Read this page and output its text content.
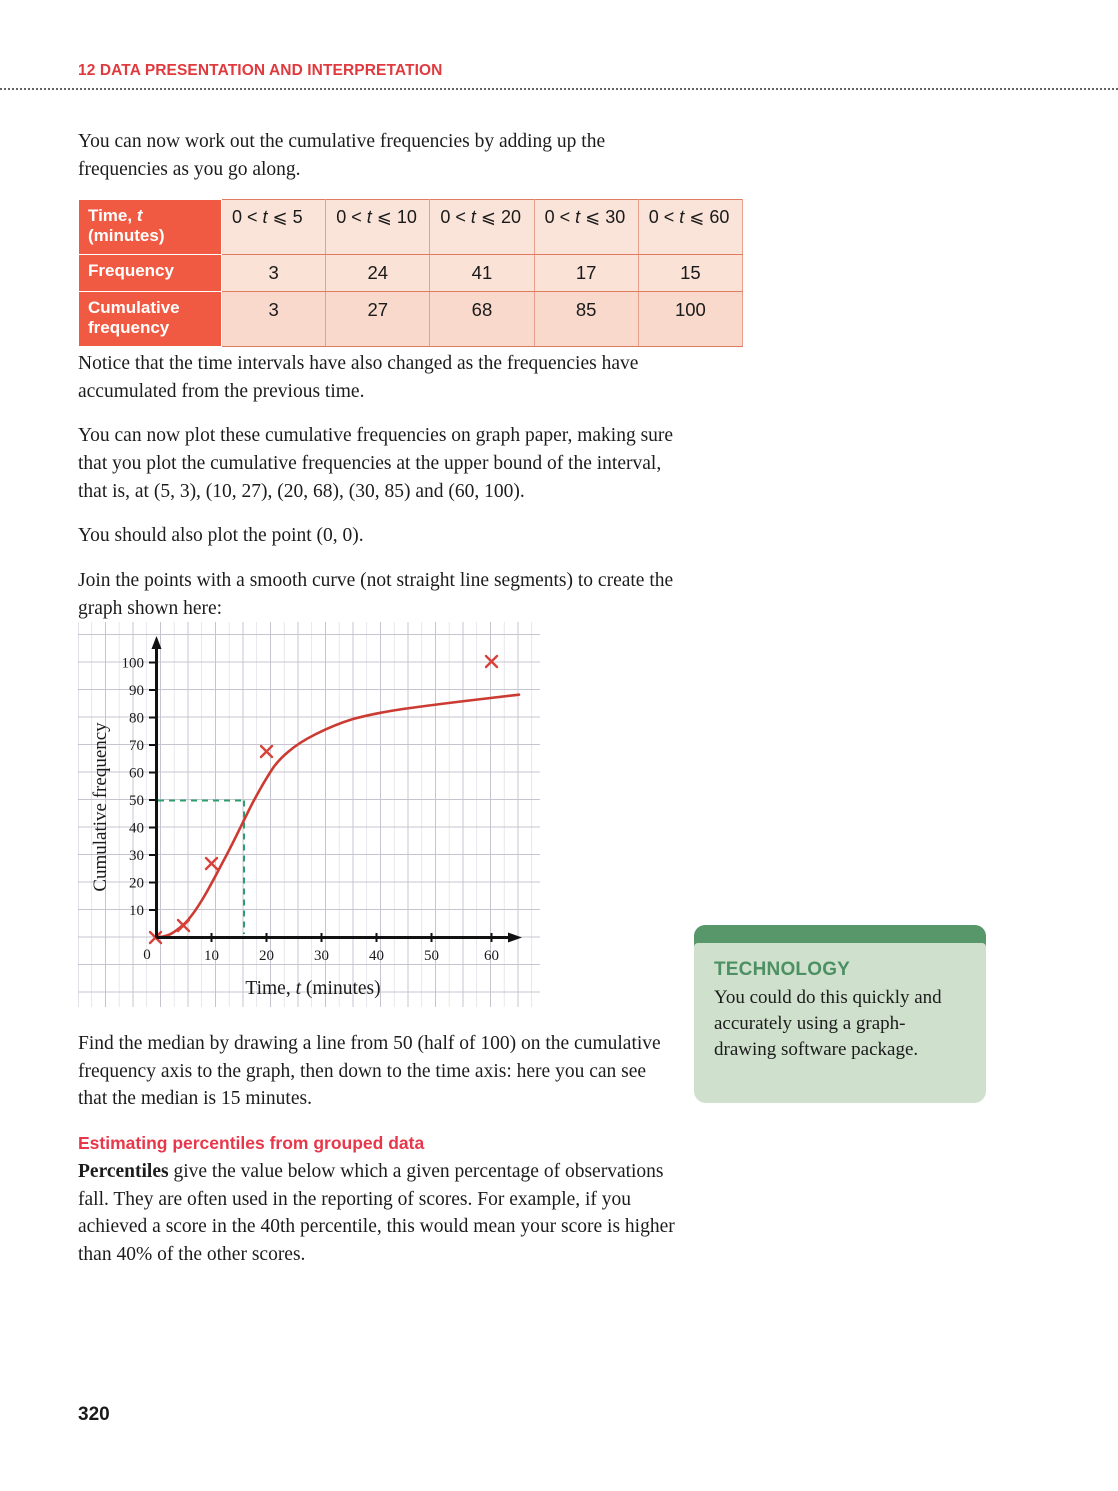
12 DATA PRESENTATION AND INTERPRETATION

You can now work out the cumulative frequencies by adding up the frequencies as you go along.

Time, t
(minutes)	0 < t ⩽ 5	0 < t ⩽ 10	0 < t ⩽ 20	0 < t ⩽ 30	0 < t ⩽ 60
Frequency	3	24	41	17	15
Cumulative
frequency	3	27	68	85	100

Notice that the time intervals have also changed as the frequencies have accumulated from the previous time.

You can now plot these cumulative frequencies on graph paper, making sure that you plot the cumulative frequencies at the upper bound of the interval, that is, at (5, 3), (10, 27), (20, 68), (30, 85) and (60, 100).

You should also plot the point (0, 0).

Join the points with a smooth curve (not straight line segments) to create the graph shown here:

10
20
30
40
50
60
70
80
90
100
10	20	30	40	50	60
0
Cumulative frequency
Time, t (minutes)
TECHNOLOGY
You could do this quickly and accurately using a graph-drawing software package.

Find the median by drawing a line from 50 (half of 100) on the cumulative frequency axis to the graph, then down to the time axis: here you can see that the median is 15 minutes.

Estimating percentiles from grouped data

Percentiles give the value below which a given percentage of observations fall. They are often used in the reporting of scores. For example, if you achieved a score in the 40th percentile, this would mean your score is higher than 40% of the other scores.

320
